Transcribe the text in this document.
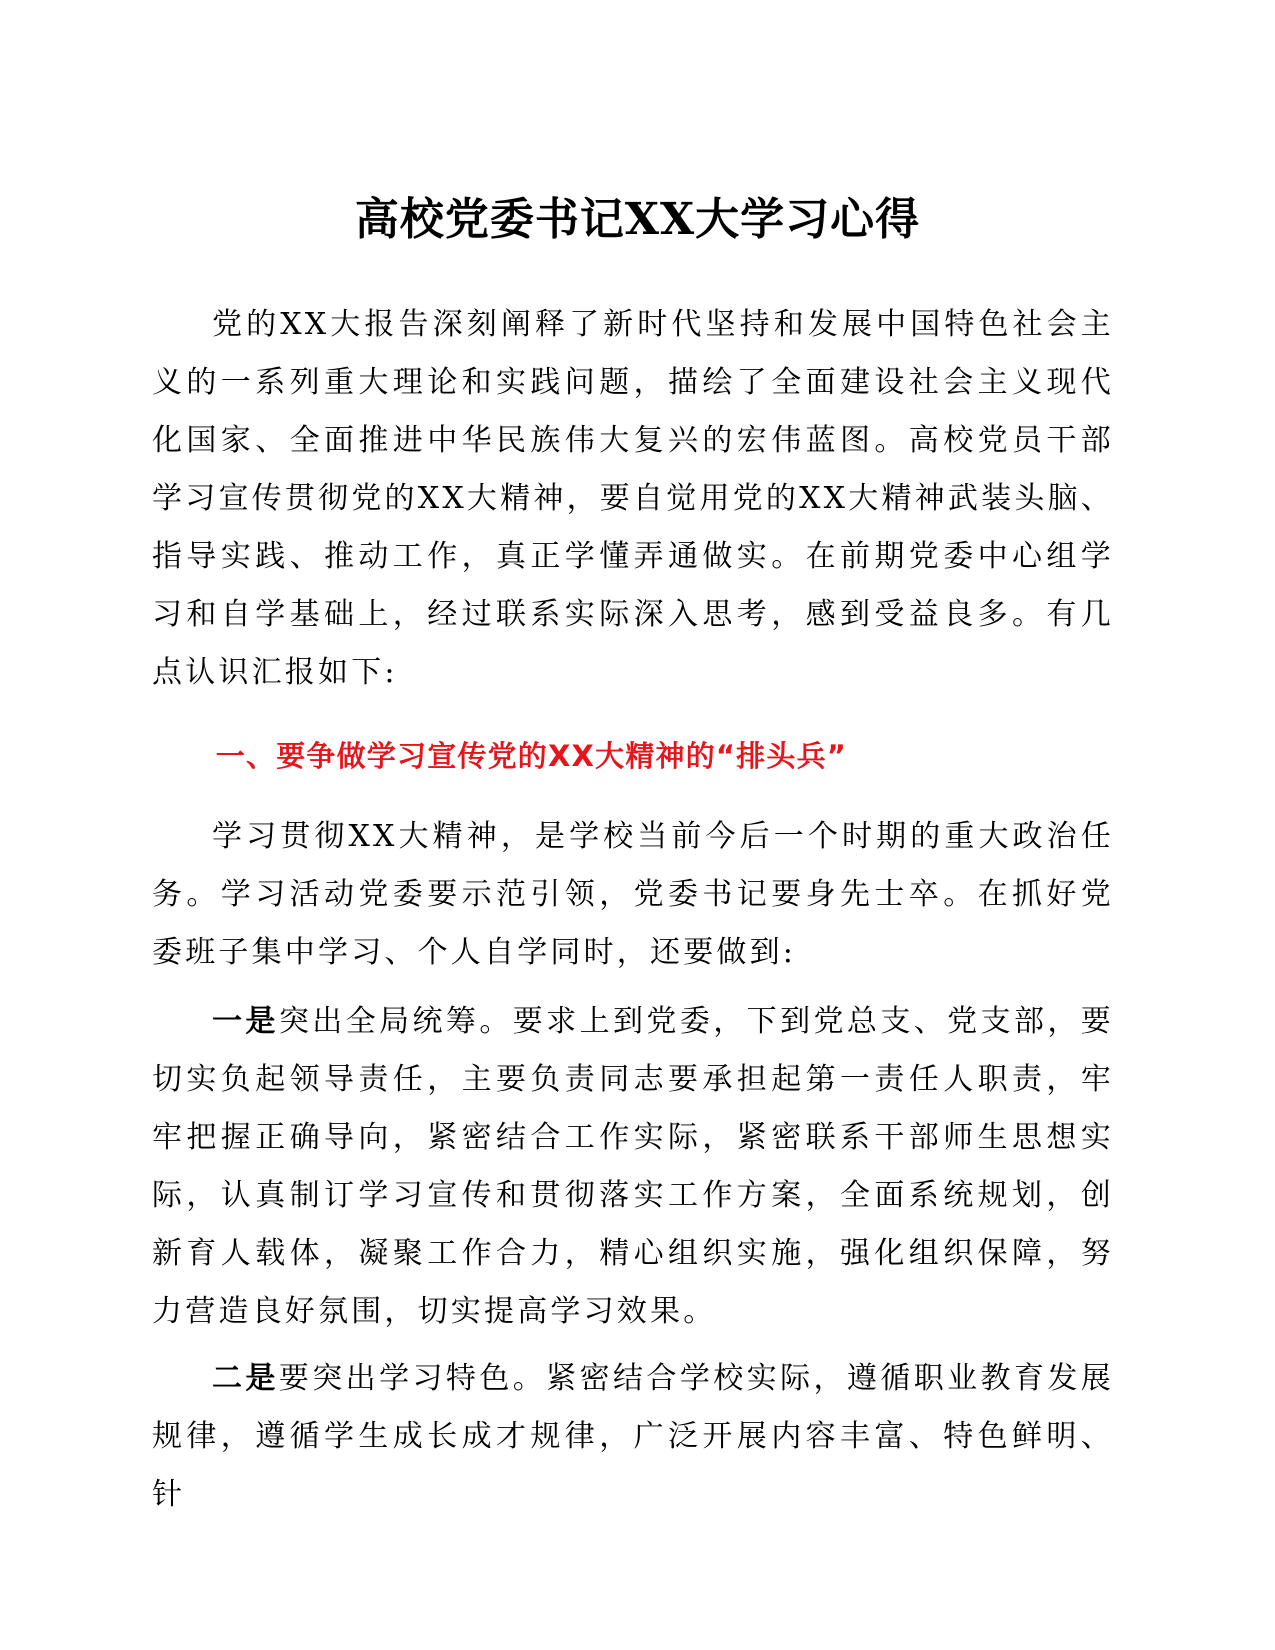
高校党委书记XX大学习心得

党的XX大报告深刻阐释了新时代坚持和发展中国特色社会主义的一系列重大理论和实践问题，描绘了全面建设社会主义现代化国家、全面推进中华民族伟大复兴的宏伟蓝图。高校党员干部学习宣传贯彻党的XX大精神，要自觉用党的XX大精神武装头脑、指导实践、推动工作，真正学懂弄通做实。在前期党委中心组学习和自学基础上，经过联系实际深入思考，感到受益良多。有几点认识汇报如下:

一、要争做学习宣传党的XX大精神的“排头兵”

学习贯彻XX大精神，是学校当前今后一个时期的重大政治任务。学习活动党委要示范引领，党委书记要身先士卒。在抓好党委班子集中学习、个人自学同时，还要做到:

一是突出全局统筹。要求上到党委，下到党总支、党支部，要切实负起领导责任，主要负责同志要承担起第一责任人职责，牢牢把握正确导向，紧密结合工作实际，紧密联系干部师生思想实际，认真制订学习宣传和贯彻落实工作方案，全面系统规划，创新育人载体，凝聚工作合力，精心组织实施，强化组织保障，努力营造良好氛围，切实提高学习效果。

二是要突出学习特色。紧密结合学校实际，遵循职业教育发展规律，遵循学生成长成才规律，广泛开展内容丰富、特色鲜明、针
